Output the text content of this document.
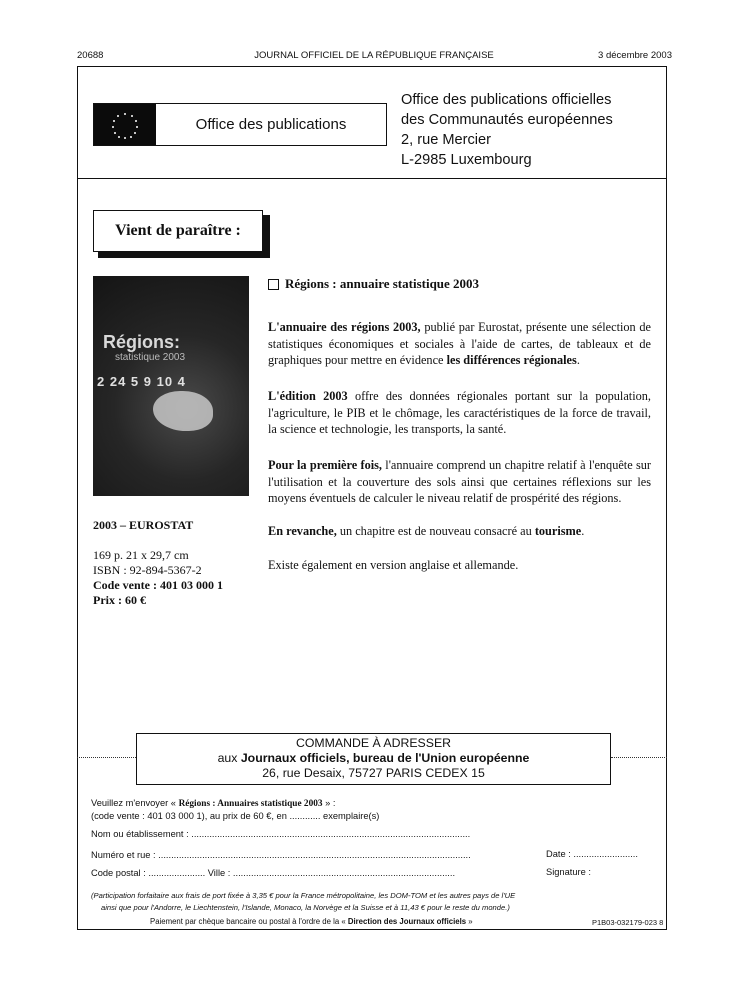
20688	JOURNAL OFFICIEL DE LA RÉPUBLIQUE FRANÇAISE	3 décembre 2003
Office des publications
Office des publications officielles
des Communautés européennes
2, rue Mercier
L-2985 Luxembourg
Vient de paraître :
Régions:
statistique 2003
2 24 5 9 10 4
2003 – EUROSTAT
169 p. 21 x 29,7 cm
ISBN : 92-894-5367-2
Code vente : 401 03 000 1
Prix : 60 €
Régions : annuaire statistique 2003
L'annuaire des régions 2003, publié par Eurostat, présente une sélection de statistiques économiques et sociales à l'aide de cartes, de tableaux et de graphiques pour mettre en évidence les différences régionales.
L'édition 2003 offre des données régionales portant sur la population, l'agriculture, le PIB et le chômage, les caractéristiques de la force de travail, la science et technologie, les transports, la santé.
Pour la première fois, l'annuaire comprend un chapitre relatif à l'enquête sur l'utilisation et la couverture des sols ainsi que certaines réflexions sur les moyens éventuels de calculer le niveau relatif de prospérité des régions.
En revanche, un chapitre est de nouveau consacré au tourisme.
Existe également en version anglaise et allemande.
COMMANDE À ADRESSER
aux Journaux officiels, bureau de l'Union européenne
26, rue Desaix, 75727 PARIS CEDEX 15
Veuillez m'envoyer « Régions : Annuaires statistique 2003 » :
(code vente : 401 03 000 1), au prix de 60 €, en ............ exemplaire(s)
Nom ou établissement : ............................................................................................................
Numéro et rue : .........................................................................................................................	Date : .........................
Code postal : ...................... Ville : ......................................................................................	Signature :
(Participation forfaitaire aux frais de port fixée à 3,35 € pour la France métropolitaine, les DOM-TOM et les autres pays de l'UE
ainsi que pour l'Andorre, le Liechtenstein, l'Islande, Monaco, la Norvège et la Suisse et à 11,43 € pour le reste du monde.)
Paiement par chèque bancaire ou postal à l'ordre de la « Direction des Journaux officiels »	P1B03-032179-023 8
